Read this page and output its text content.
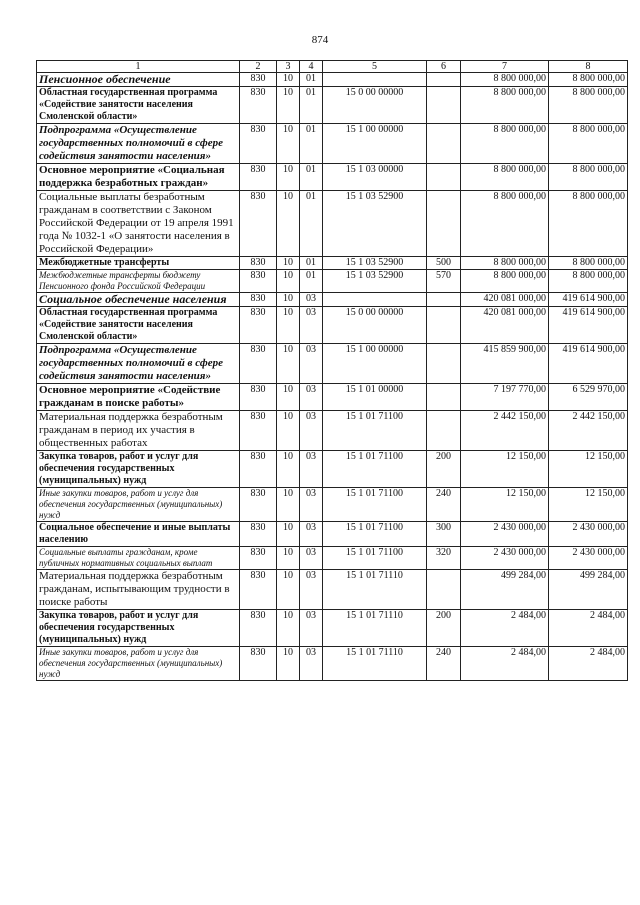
874
1	2	3	4	5	6	7	8
Пенсионное обеспечение	830	10	01			8 800 000,00	8 800 000,00
Областная государственная программа «Содействие занятости населения Смоленской области»	830	10	01	15 0 00 00000		8 800 000,00	8 800 000,00
Подпрограмма «Осуществление государственных полномочий в сфере содействия занятости населения»	830	10	01	15 1 00 00000		8 800 000,00	8 800 000,00
Основное мероприятие «Социальная поддержка безработных граждан»	830	10	01	15 1 03 00000		8 800 000,00	8 800 000,00
Социальные выплаты безработным гражданам в соответствии с Законом Российской Федерации от 19 апреля 1991 года № 1032-1 «О занятости населения в Российской Федерации»	830	10	01	15 1 03 52900		8 800 000,00	8 800 000,00
Межбюджетные трансферты	830	10	01	15 1 03 52900	500	8 800 000,00	8 800 000,00
Межбюджетные трансферты бюджету Пенсионного фонда Российской Федерации	830	10	01	15 1 03 52900	570	8 800 000,00	8 800 000,00
Социальное обеспечение населения	830	10	03			420 081 000,00	419 614 900,00
Областная государственная программа «Содействие занятости населения Смоленской области»	830	10	03	15 0 00 00000		420 081 000,00	419 614 900,00
Подпрограмма «Осуществление государственных полномочий в сфере содействия занятости населения»	830	10	03	15 1 00 00000		415 859 900,00	419 614 900,00
Основное мероприятие «Содействие гражданам в поиске работы»	830	10	03	15 1 01 00000		7 197 770,00	6 529 970,00
Материальная поддержка безработным гражданам в период их участия в общественных работах	830	10	03	15 1 01 71100		2 442 150,00	2 442 150,00
Закупка товаров, работ и услуг для обеспечения государственных (муниципальных) нужд	830	10	03	15 1 01 71100	200	12 150,00	12 150,00
Иные закупки товаров, работ и услуг для обеспечения государственных (муниципальных) нужд	830	10	03	15 1 01 71100	240	12 150,00	12 150,00
Социальное обеспечение и иные выплаты населению	830	10	03	15 1 01 71100	300	2 430 000,00	2 430 000,00
Социальные выплаты гражданам, кроме публичных нормативных социальных выплат	830	10	03	15 1 01 71100	320	2 430 000,00	2 430 000,00
Материальная поддержка безработным гражданам, испытывающим трудности в поиске работы	830	10	03	15 1 01 71110		499 284,00	499 284,00
Закупка товаров, работ и услуг для обеспечения государственных (муниципальных) нужд	830	10	03	15 1 01 71110	200	2 484,00	2 484,00
Иные закупки товаров, работ и услуг для обеспечения государственных (муниципальных) нужд	830	10	03	15 1 01 71110	240	2 484,00	2 484,00
